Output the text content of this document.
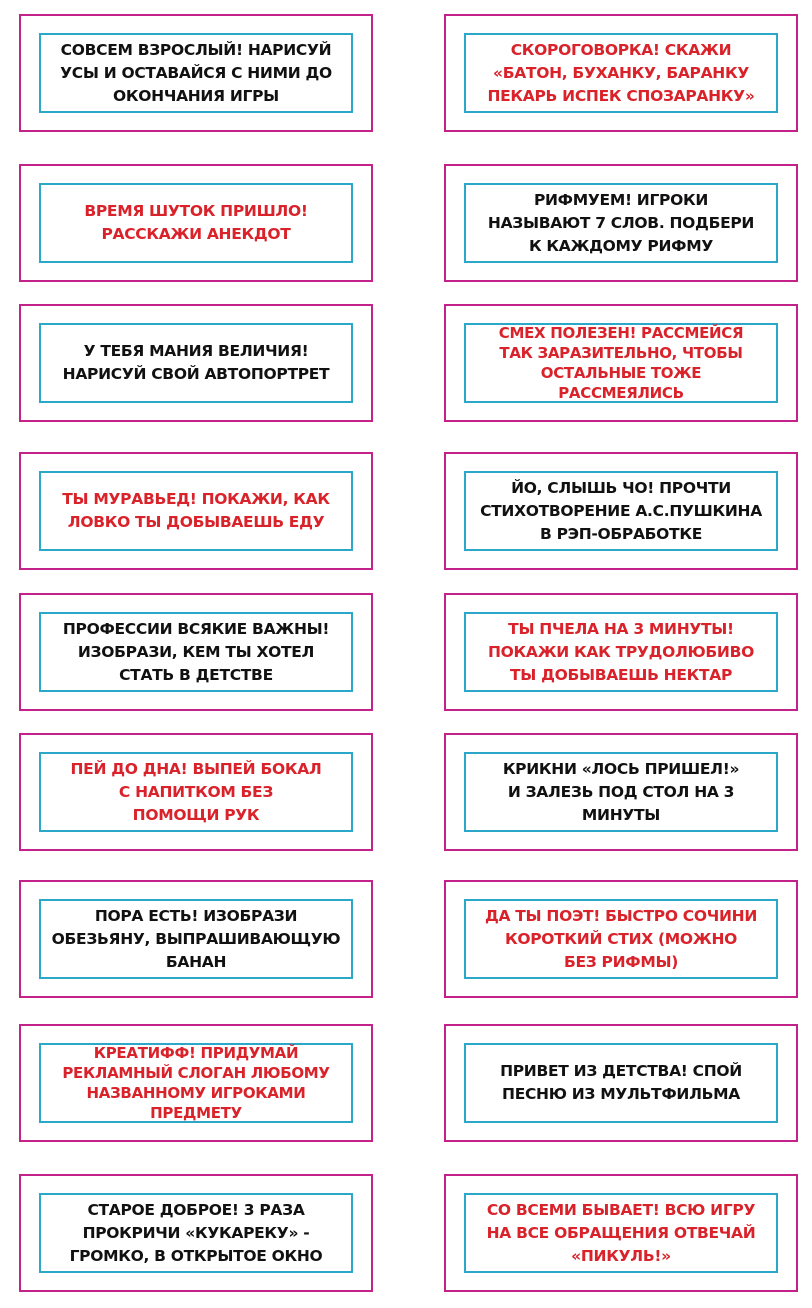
СОВСЕМ ВЗРОСЛЫЙ! НАРИСУЙ
УСЫ И ОСТАВАЙСЯ С НИМИ ДО
ОКОНЧАНИЯ ИГРЫ
СКОРОГОВОРКА! СКАЖИ
«БАТОН, БУХАНКУ, БАРАНКУ
ПЕКАРЬ ИСПЕК СПОЗАРАНКУ»
ВРЕМЯ ШУТОК ПРИШЛО!
РАССКАЖИ АНЕКДОТ
РИФМУЕМ! ИГРОКИ
НАЗЫВАЮТ 7 СЛОВ. ПОДБЕРИ
К КАЖДОМУ РИФМУ
У ТЕБЯ МАНИЯ ВЕЛИЧИЯ!
НАРИСУЙ СВОЙ АВТОПОРТРЕТ
СМЕХ ПОЛЕЗЕН! РАССМЕЙСЯ
ТАК ЗАРАЗИТЕЛЬНО, ЧТОБЫ
ОСТАЛЬНЫЕ ТОЖЕ
РАССМЕЯЛИСЬ
ТЫ МУРАВЬЕД! ПОКАЖИ, КАК
ЛОВКО ТЫ ДОБЫВАЕШЬ ЕДУ
ЙО, СЛЫШЬ ЧО! ПРОЧТИ
СТИХОТВОРЕНИЕ А.С.ПУШКИНА
В РЭП-ОБРАБОТКЕ
ПРОФЕССИИ ВСЯКИЕ ВАЖНЫ!
ИЗОБРАЗИ, КЕМ ТЫ ХОТЕЛ
СТАТЬ В ДЕТСТВЕ
ТЫ ПЧЕЛА НА 3 МИНУТЫ!
ПОКАЖИ КАК ТРУДОЛЮБИВО
ТЫ ДОБЫВАЕШЬ НЕКТАР
ПЕЙ ДО ДНА! ВЫПЕЙ БОКАЛ
С НАПИТКОМ БЕЗ
ПОМОЩИ РУК
КРИКНИ «ЛОСЬ ПРИШЕЛ!»
И ЗАЛЕЗЬ ПОД СТОЛ НА 3
МИНУТЫ
ПОРА ЕСТЬ! ИЗОБРАЗИ
ОБЕЗЬЯНУ, ВЫПРАШИВАЮЩУЮ
БАНАН
ДА ТЫ ПОЭТ! БЫСТРО СОЧИНИ
КОРОТКИЙ СТИХ (МОЖНО
БЕЗ РИФМЫ)
КРЕАТИФФ! ПРИДУМАЙ
РЕКЛАМНЫЙ СЛОГАН ЛЮБОМУ
НАЗВАННОМУ ИГРОКАМИ
ПРЕДМЕТУ
ПРИВЕТ ИЗ ДЕТСТВА! СПОЙ
ПЕСНЮ ИЗ МУЛЬТФИЛЬМА
СТАРОЕ ДОБРОЕ! 3 РАЗА
ПРОКРИЧИ «КУКАРЕКУ» -
ГРОМКО, В ОТКРЫТОЕ ОКНО
СО ВСЕМИ БЫВАЕТ! ВСЮ ИГРУ
НА ВСЕ ОБРАЩЕНИЯ ОТВЕЧАЙ
«ПИКУЛЬ!»
